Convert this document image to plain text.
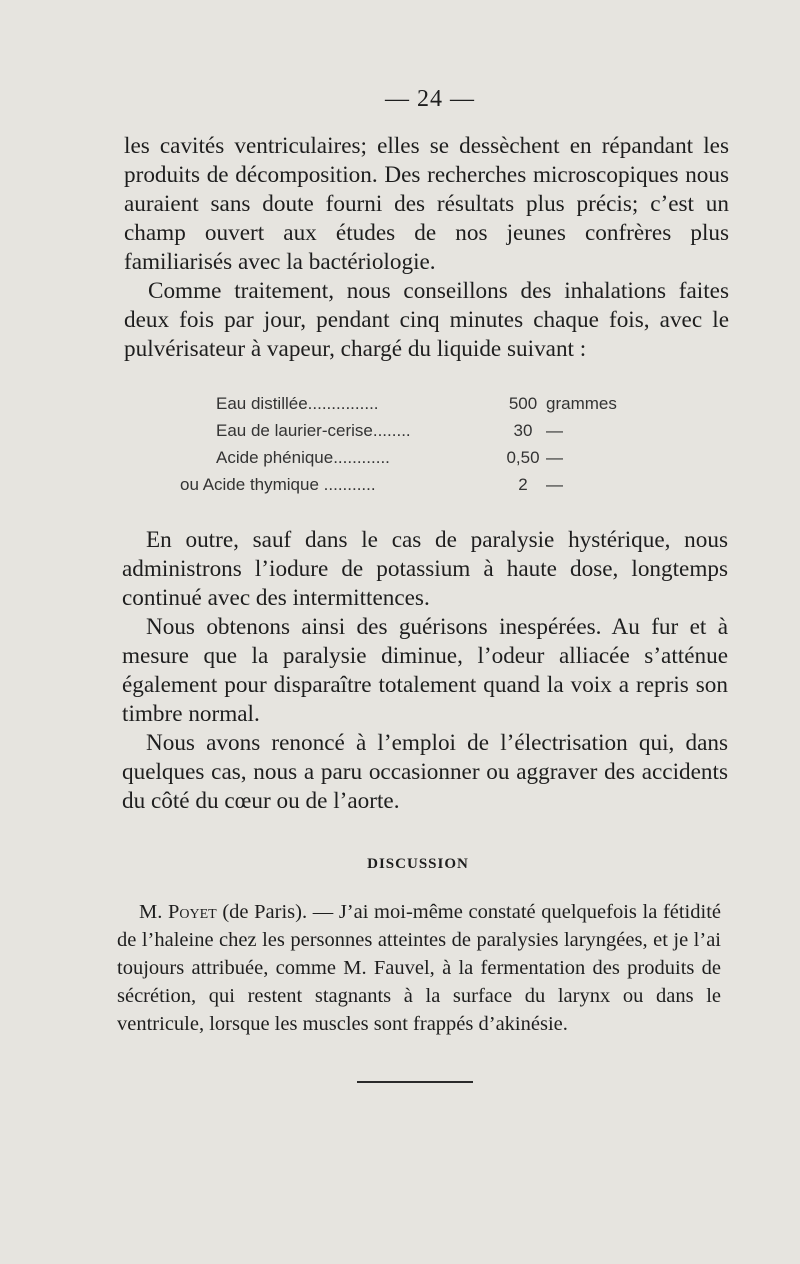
— 24 —

les cavités ventriculaires; elles se dessèchent en répandant les produits de décomposition. Des recherches microscopiques nous auraient sans doute fourni des résultats plus précis; c’est un champ ouvert aux études de nos jeunes confrères plus familiarisés avec la bactériologie.

Comme traitement, nous conseillons des inhalations faites deux fois par jour, pendant cinq minutes chaque fois, avec le pulvérisateur à vapeur, chargé du liquide suivant :

Eau distillée...............	500 grammes
Eau de laurier-cerise........	30 —
Acide phénique............	0,50 —
ou Acide thymique ...........	2	—

En outre, sauf dans le cas de paralysie hystérique, nous administrons l’iodure de potassium à haute dose, longtemps continué avec des intermittences.

Nous obtenons ainsi des guérisons inespérées. Au fur et à mesure que la paralysie diminue, l’odeur alliacée s’atténue également pour disparaître totalement quand la voix a repris son timbre normal.

Nous avons renoncé à l’emploi de l’électrisation qui, dans quelques cas, nous a paru occasionner ou aggraver des accidents du côté du cœur ou de l’aorte.

DISCUSSION
M. Poyet (de Paris). — J’ai moi-même constaté quelquefois la fétidité de l’haleine chez les personnes atteintes de paralysies laryngées, et je l’ai toujours attribuée, comme M. Fauvel, à la fermentation des produits de sécrétion, qui restent stagnants à la surface du larynx ou dans le ventricule, lorsque les muscles sont frappés d’akinésie.
